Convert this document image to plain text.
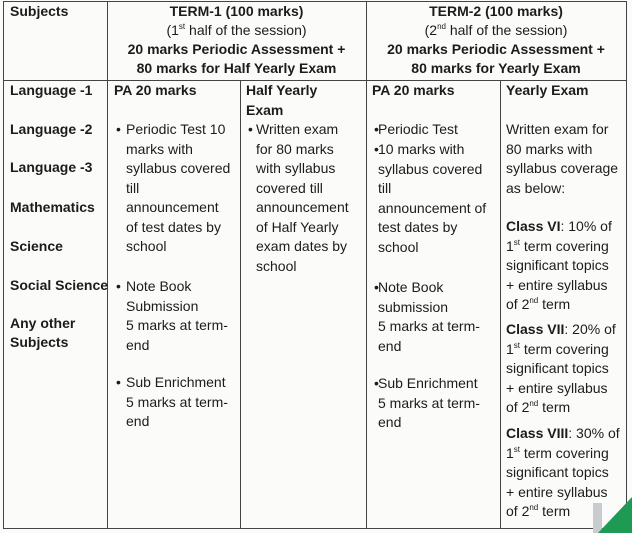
Subjects	TERM-1 (100 marks)
(1st half of the session)
20 marks Periodic Assessment +
80 marks for Half Yearly Exam
TERM-2 (100 marks)
(2nd half of the session)
20 marks Periodic Assessment +
80 marks for Yearly Exam
Language -1
Language -2
Language -3
Mathematics
Science
Social Science
Any other
Subjects
PA 20 marks
• Periodic Test 10
marks with
syllabus covered
till
announcement
of test dates by
school
• Note Book
Submission
5 marks at term-
end
• Sub Enrichment
5 marks at term-
end
Half Yearly
Exam
• Written exam
for 80 marks
with syllabus
covered till
announcement
of Half Yearly
exam dates by
school
PA 20 marks
• Periodic Test
• 10 marks with
syllabus covered
till
announcement of
test dates by
school
• Note Book
submission
5 marks at term-
end
• Sub Enrichment
5 marks at term-
end
Yearly Exam
Written exam for
80 marks with
syllabus coverage
as below:
Class VI: 10% of
1st term covering
significant topics
+ entire syllabus
of 2nd term
Class VII: 20% of
1st term covering
significant topics
+ entire syllabus
of 2nd term
Class VIII: 30% of
1st term covering
significant topics
+ entire syllabus
of 2nd term
